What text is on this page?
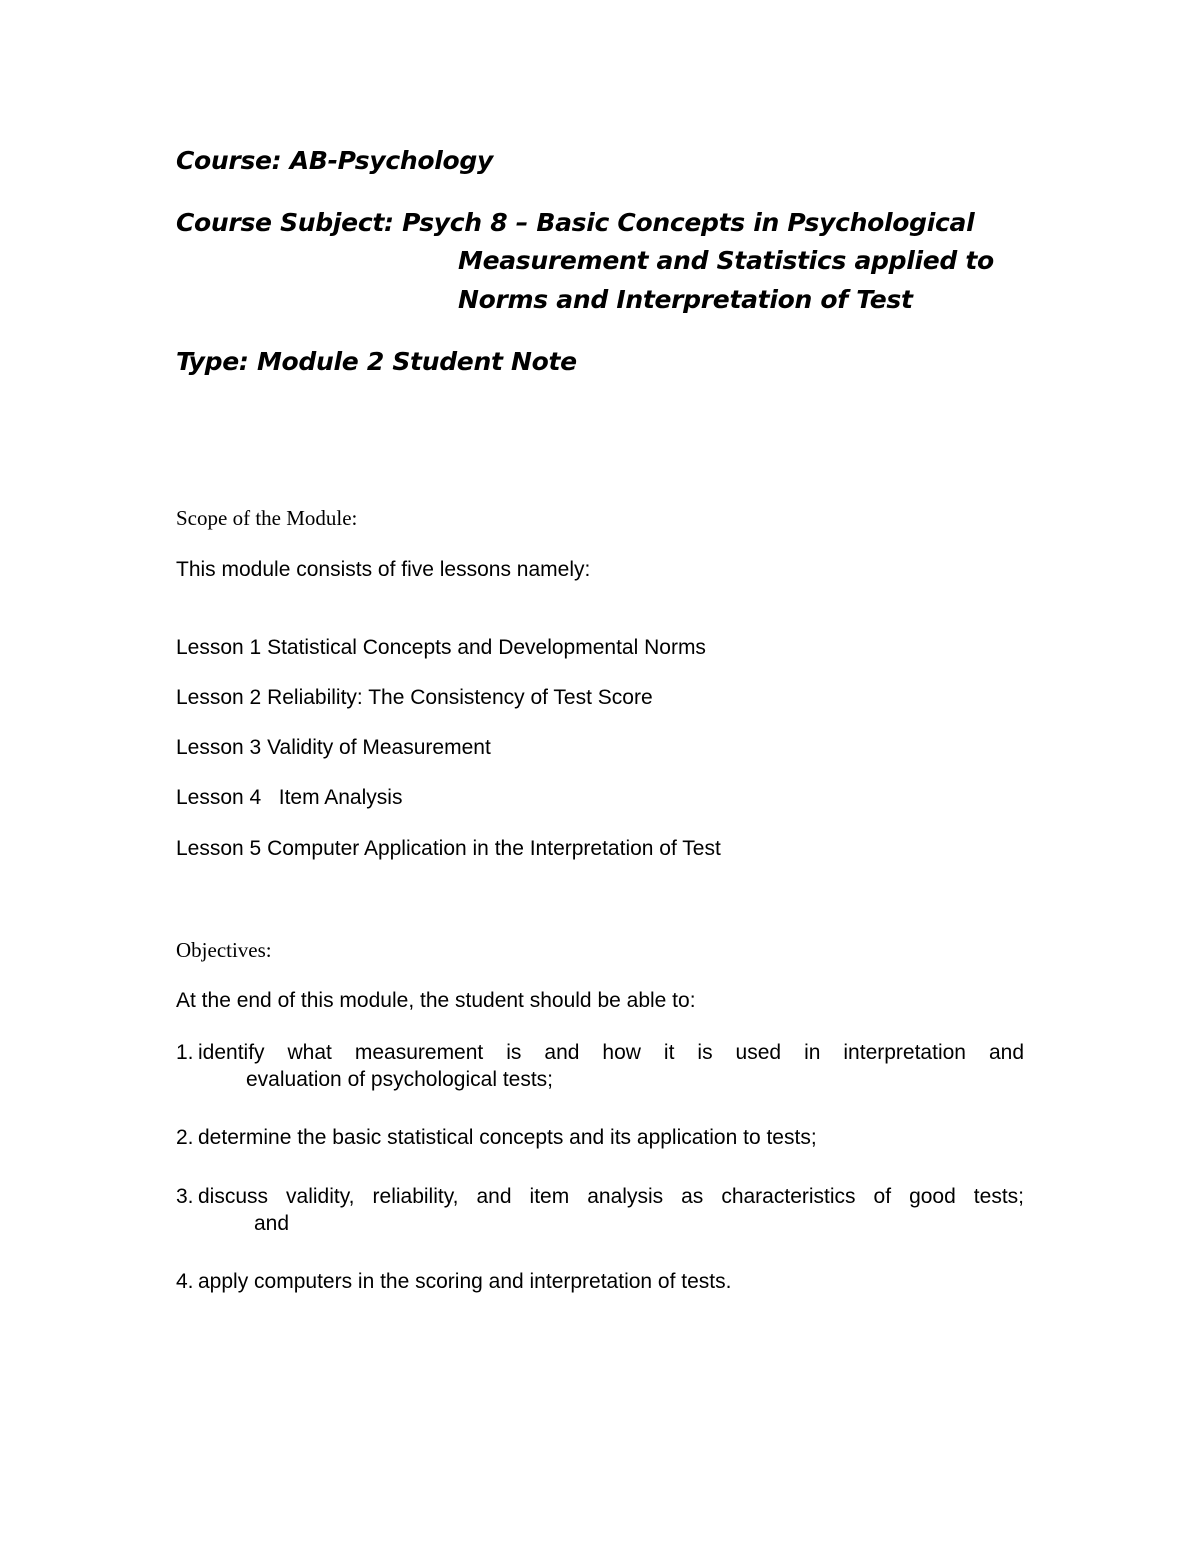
Course: AB-Psychology
Course Subject: Psych 8 – Basic Concepts in Psychological
Measurement and Statistics applied to
Norms and Interpretation of Test
Type: Module 2 Student Note
Scope of the Module:
This module consists of five lessons namely:
Lesson 1 Statistical Concepts and Developmental Norms
Lesson 2 Reliability: The Consistency of Test Score
Lesson 3 Validity of Measurement
Lesson 4   Item Analysis
Lesson 5 Computer Application in the Interpretation of Test
Objectives:
At the end of this module, the student should be able to:
1. identify what measurement is and how it is used in interpretation and
evaluation of psychological tests;
2. determine the basic statistical concepts and its application to tests;
3. discuss validity, reliability, and item analysis as characteristics of good tests;
and
4. apply computers in the scoring and interpretation of tests.
